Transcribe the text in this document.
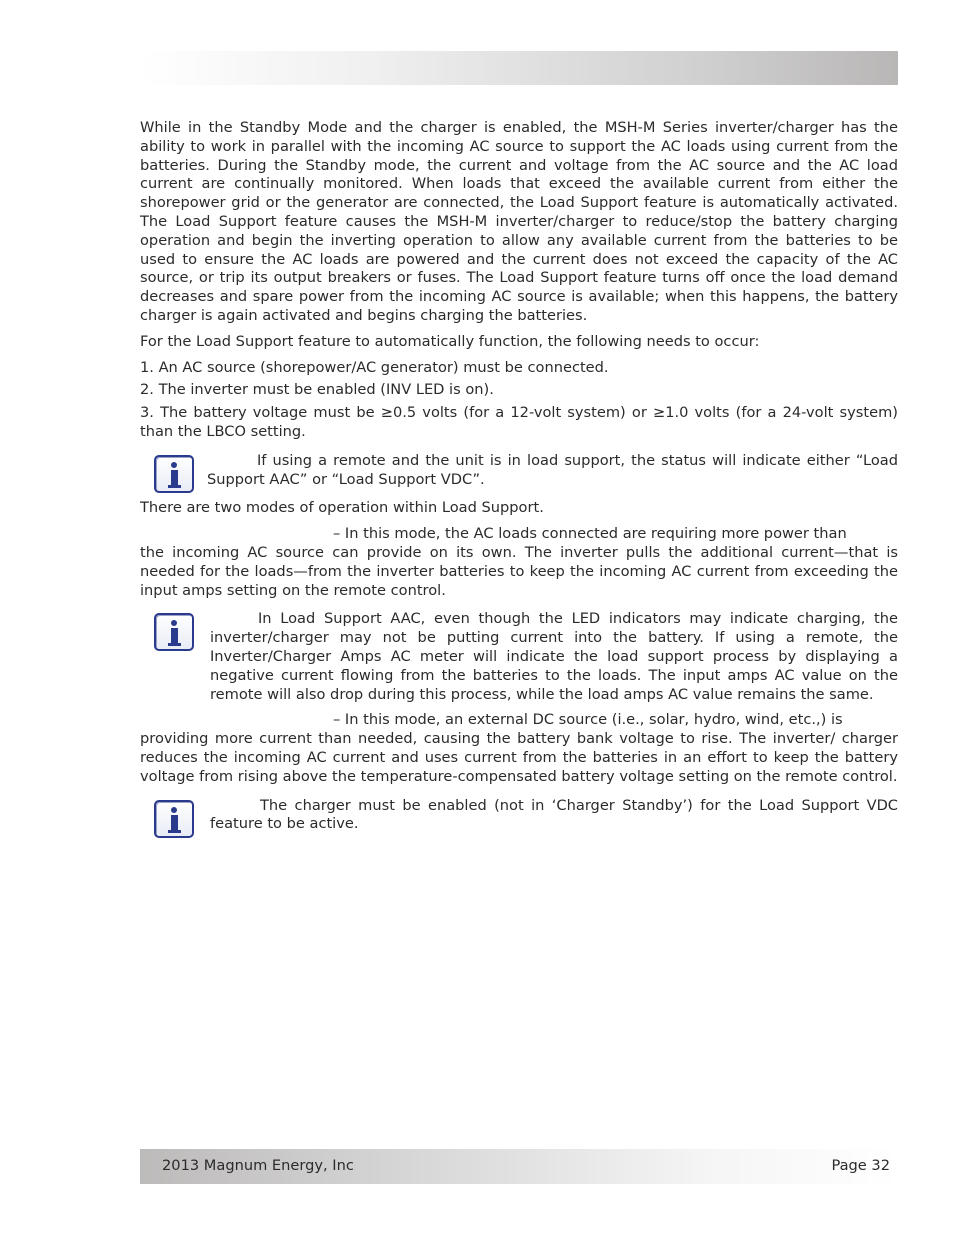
While in the Standby Mode and the charger is enabled, the MSH-M Series inverter/charger has the ability to work in parallel with the incoming AC source to support the AC loads using current from the batteries. During the Standby mode, the current and voltage from the AC source and the AC load current are continually monitored. When loads that exceed the available current from either the shorepower grid or the generator are connected, the Load Support feature is automatically activated. The Load Support feature causes the MSH-M inverter/charger to reduce/stop the battery charging operation and begin the inverting operation to allow any available current from the batteries to be used to ensure the AC loads are powered and the current does not exceed the capacity of the AC source, or trip its output breakers or fuses. The Load Support feature turns off once the load demand decreases and spare power from the incoming AC source is available; when this happens, the battery charger is again activated and begins charging the batteries.

For the Load Support feature to automatically function, the following needs to occur:

1. An AC source (shorepower/AC generator) must be connected.

2. The inverter must be enabled (INV LED is on).

3. The battery voltage must be ≥0.5 volts (for a 12-volt system) or ≥1.0 volts (for a 24-volt system) than the LBCO setting.

If using a remote and the unit is in load support, the status will indicate either “Load Support AAC” or “Load Support VDC”.

There are two modes of operation within Load Support.

– In this mode, the AC loads connected are requiring more power than

the incoming AC source can provide on its own. The inverter pulls the additional current—that is needed for the loads—from the inverter batteries to keep the incoming AC current from exceeding the input amps setting on the remote control.

In Load Support AAC, even though the LED indicators may indicate charging, the inverter/charger may not be putting current into the battery. If using a remote, the Inverter/Charger Amps AC meter will indicate the load support process by displaying a negative current flowing from the batteries to the loads. The input amps AC value on the remote will also drop during this process, while the load amps AC value remains the same.

– In this mode, an external DC source (i.e., solar, hydro, wind, etc.,) is

providing more current than needed, causing the battery bank voltage to rise. The inverter/ charger reduces the incoming AC current and uses current from the batteries in an effort to keep the battery voltage from rising above the temperature-compensated battery voltage setting on the remote control.

The charger must be enabled (not in ‘Charger Standby’) for the Load Support VDC feature to be active.

2013 Magnum Energy, Inc	Page 32
